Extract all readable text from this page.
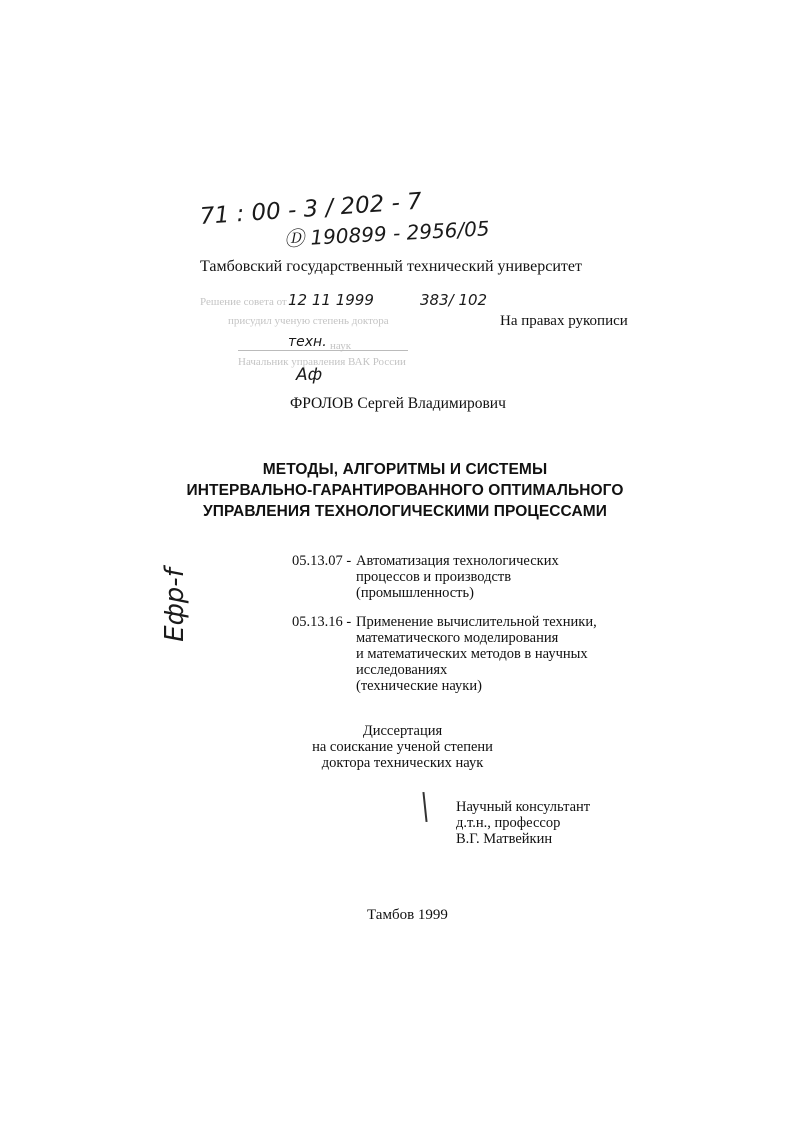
71 : 00 - 3 / 202 - 7
Ⓓ 190899 - 2956/05
Тамбовский государственный технический университет
Решение совета от 12 11 1999	383/ 102
присудил ученую степень доктора	На правах рукописи
техн. наук
Начальник управления ВАК России
Аф
ФРОЛОВ Сергей Владимирович
МЕТОДЫ, АЛГОРИТМЫ И СИСТЕМЫ
ИНТЕРВАЛЬНО-ГАРАНТИРОВАННОГО ОПТИМАЛЬНОГО
УПРАВЛЕНИЯ ТЕХНОЛОГИЧЕСКИМИ ПРОЦЕССАМИ
Ефр-f
05.13.07 - Автоматизация технологических
процессов и производств
(промышленность)
05.13.16 - Применение вычислительной техники,
математического моделирования
и математических методов в научных
исследованиях
(технические науки)
Диссертация
на соискание ученой степени
доктора технических наук
Научный консультант
д.т.н., профессор
В.Г. Матвейкин
Тамбов 1999
